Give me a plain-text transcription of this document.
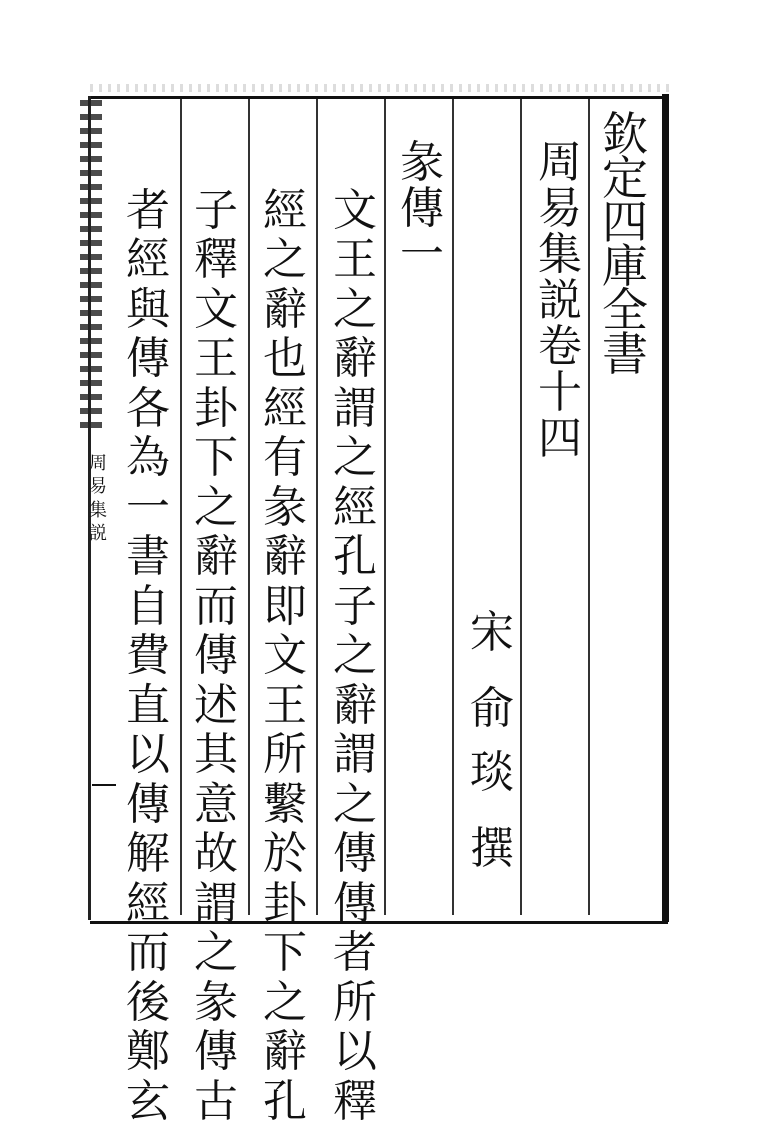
欽
定
四
庫
全
書
周
易
集
説
卷
十
四
宋
俞
琰
撰
彖
傳
一
文
王
之
辭
謂
之
經
孔
子
之
辭
謂
之
傳
傳
者
所
以
釋
經
之
辭
也
經
有
彖
辭
即
文
王
所
繫
於
卦
下
之
辭
孔
子
釋
文
王
卦
下
之
辭
而
傳
述
其
意
故
謂
之
彖
傳
古
者
經
與
傳
各
為
一
書
自
費
直
以
傳
解
經
而
後
鄭
玄
周
易
集
説
